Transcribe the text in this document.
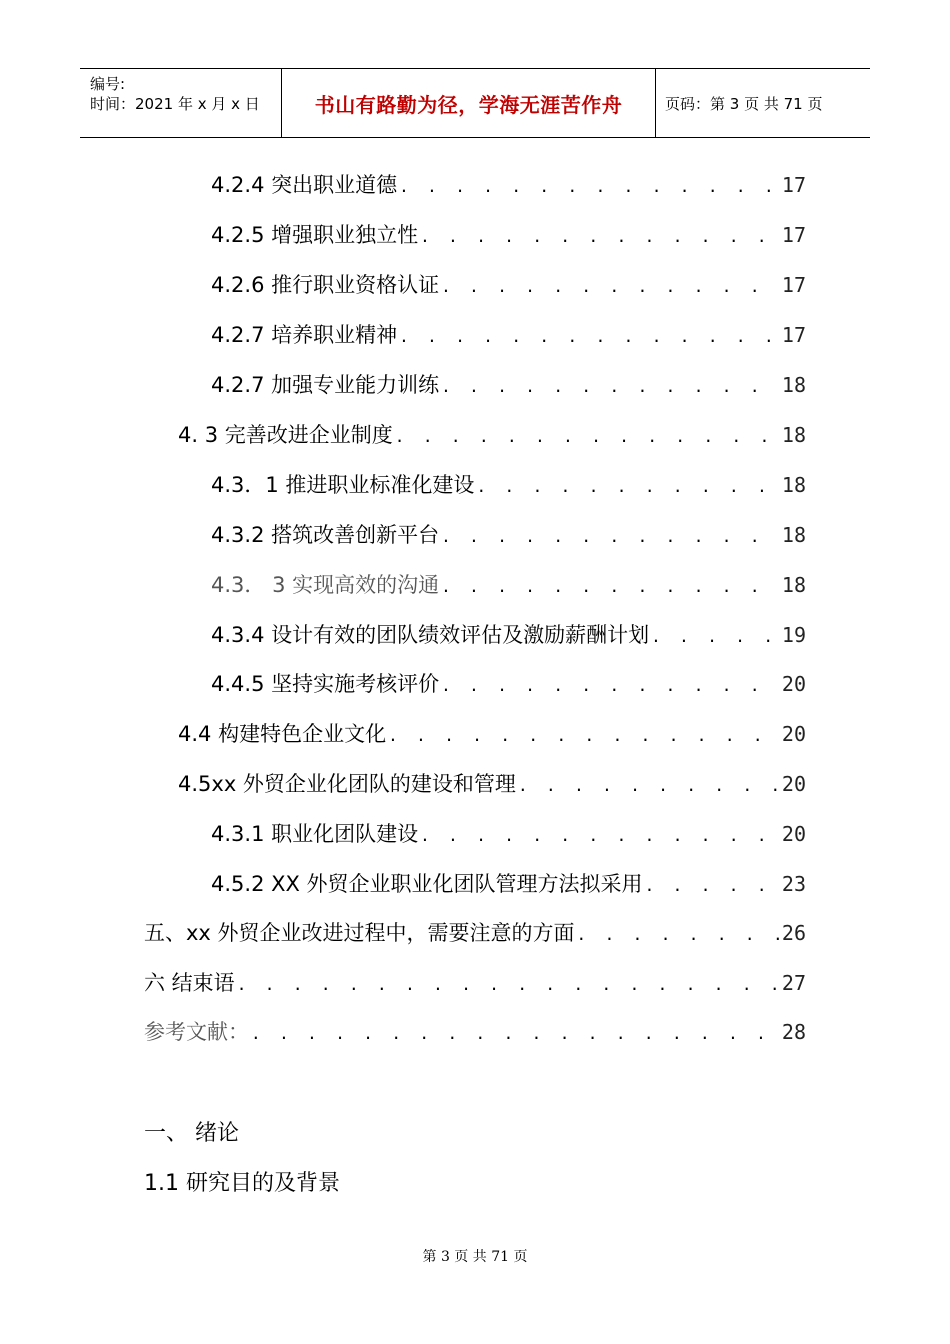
编号:
时间：2021 年 x 月 x 日	书山有路勤为径，学海无涯苦作舟	页码：第 3 页 共 71 页
4.2.4 突出职业道德 . . .	17
4.2.5 增强职业独立性 . . .	17
4.2.6 推行职业资格认证 . . .	17
4.2.7 培养职业精神 . . .	17
4.2.7 加强专业能力训练 . . .	18
4. 3 完善改进企业制度 . . .	18
4.3．1 推进职业标准化建设 . . .	18
4.3.2 搭筑改善创新平台 . . .	18
4.3． 3 实现高效的沟通 . . .	18
4.3.4 设计有效的团队绩效评估及激励薪酬计划 . . .	19
4.4.5 坚持实施考核评价 . . .	20
4.4 构建特色企业文化 . . .	20
4.5xx 外贸企业化团队的建设和管理 . . .	20
4.3.1 职业化团队建设 . . .	20
4.5.2 XX 外贸企业职业化团队管理方法拟采用 . . .	23
五、xx 外贸企业改进过程中，需要注意的方面 . . .	26
六 结束语 . . .	27
参考文献： . . .	28
一、 绪论
1.1 研究目的及背景
第 3 页 共 71 页
